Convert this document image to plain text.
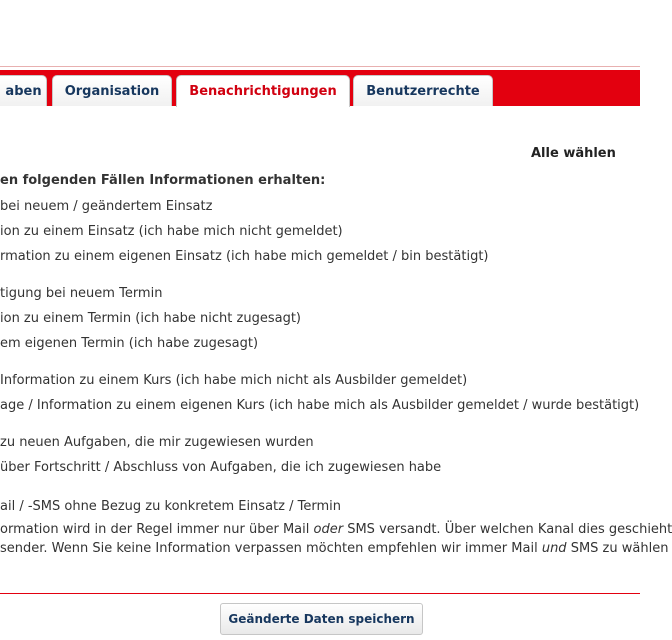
aben	Organisation	Benachrichtigungen	Benutzerrechte
Alle wählen
en folgenden Fällen Informationen erhalten:
bei neuem / geändertem Einsatz
ion zu einem Einsatz (ich habe mich nicht gemeldet)
rmation zu einem eigenen Einsatz (ich habe mich gemeldet / bin bestätigt)
tigung bei neuem Termin
ion zu einem Termin (ich habe nicht zugesagt)
em eigenen Termin (ich habe zugesagt)
Information zu einem Kurs (ich habe mich nicht als Ausbilder gemeldet)
age / Information zu einem eigenen Kurs (ich habe mich als Ausbilder gemeldet / wurde bestätigt)
zu neuen Aufgaben, die mir zugewiesen wurden
über Fortschritt / Abschluss von Aufgaben, die ich zugewiesen habe
ail / -SMS ohne Bezug zu konkretem Einsatz / Termin
ormation wird in der Regel immer nur über Mail oder SMS versandt. Über welchen Kanal dies geschieht
sender. Wenn Sie keine Information verpassen möchten empfehlen wir immer Mail und SMS zu wählen
Geänderte Daten speichern
